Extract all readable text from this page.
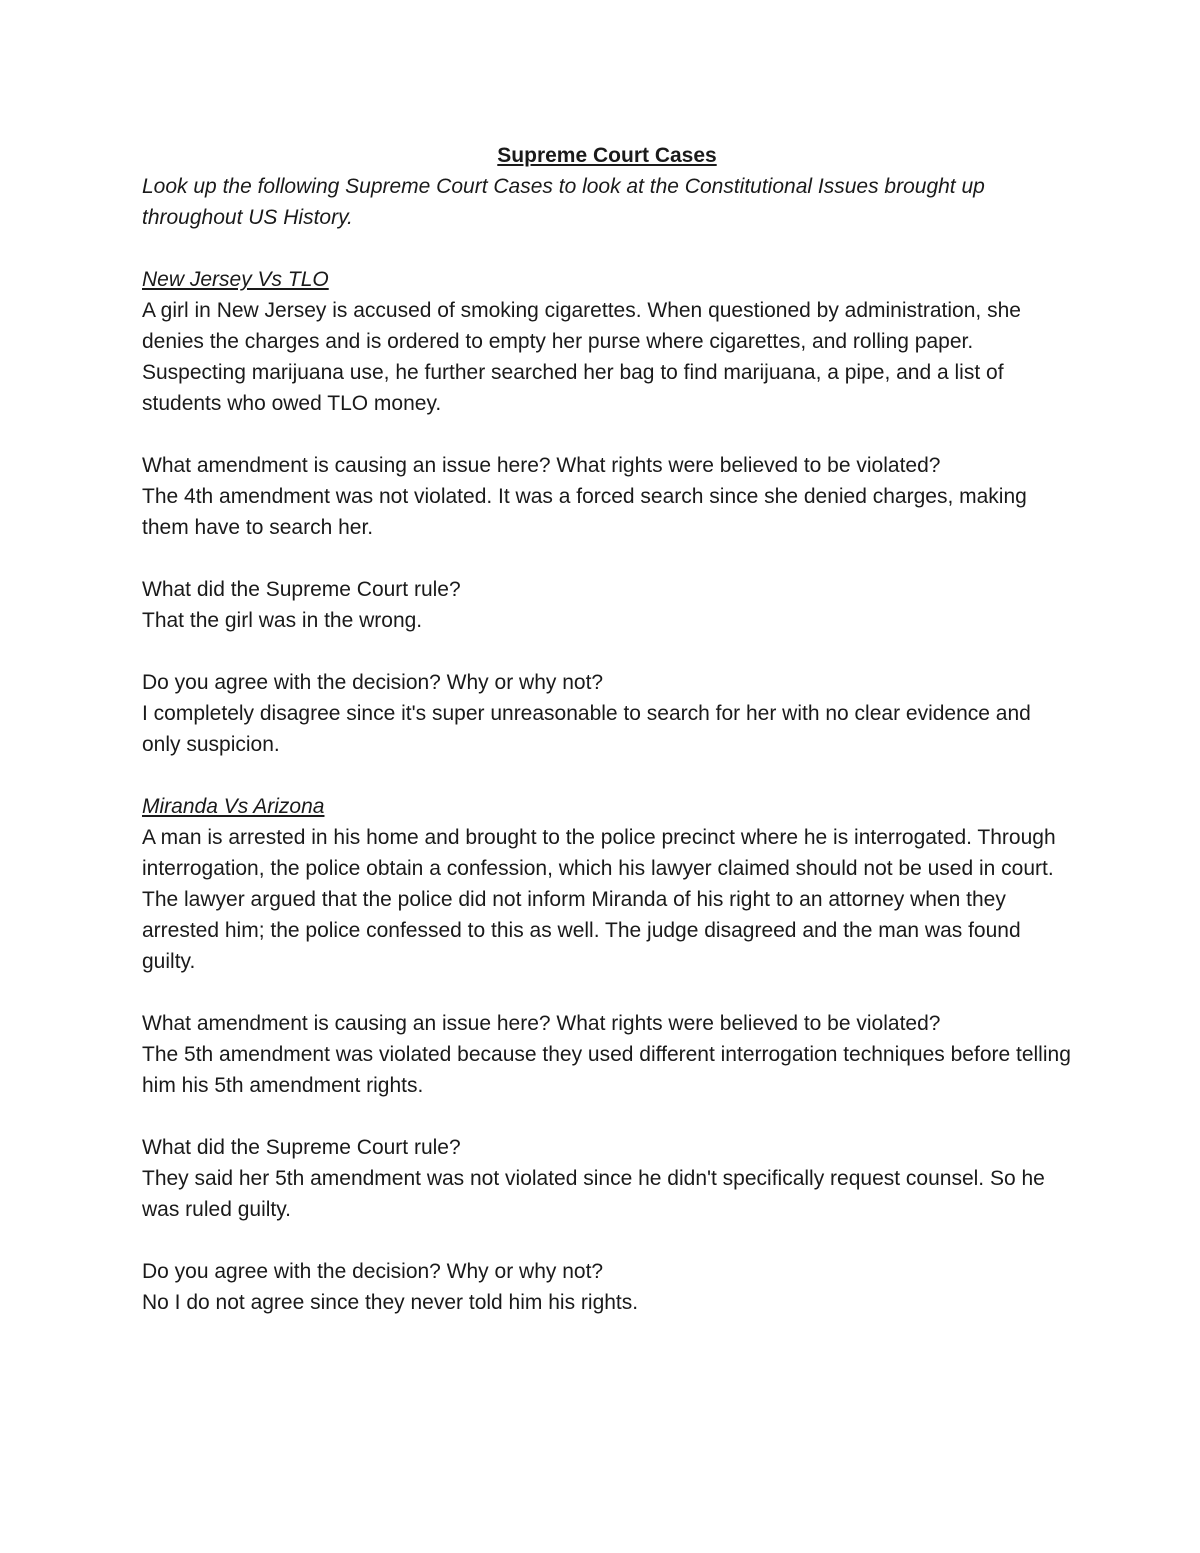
Supreme Court Cases

Look up the following Supreme Court Cases to look at the Constitutional Issues brought up throughout US History.

New Jersey Vs TLO

A girl in New Jersey is accused of smoking cigarettes. When questioned by administration, she denies the charges and is ordered to empty her purse where cigarettes, and rolling paper. Suspecting marijuana use, he further searched her bag to find marijuana, a pipe, and a list of students who owed TLO money.

What amendment is causing an issue here? What rights were believed to be violated?

The 4th amendment was not violated. It was a forced search since she denied charges, making them have to search her.

What did the Supreme Court rule?

That the girl was in the wrong.

Do you agree with the decision? Why or why not?

I completely disagree since it's super unreasonable to search for her with no clear evidence and only suspicion.

Miranda Vs Arizona

A man is arrested in his home and brought to the police precinct where he is interrogated. Through interrogation, the police obtain a confession, which his lawyer claimed should not be used in court. The lawyer argued that the police did not inform Miranda of his right to an attorney when they arrested him; the police confessed to this as well. The judge disagreed and the man was found guilty.

What amendment is causing an issue here? What rights were believed to be violated?

The 5th amendment was violated because they used different interrogation techniques before telling him his 5th amendment rights.

What did the Supreme Court rule?

They said her 5th amendment was not violated since he didn't specifically request counsel. So he was ruled guilty.

Do you agree with the decision? Why or why not?

No I do not agree since they never told him his rights.
